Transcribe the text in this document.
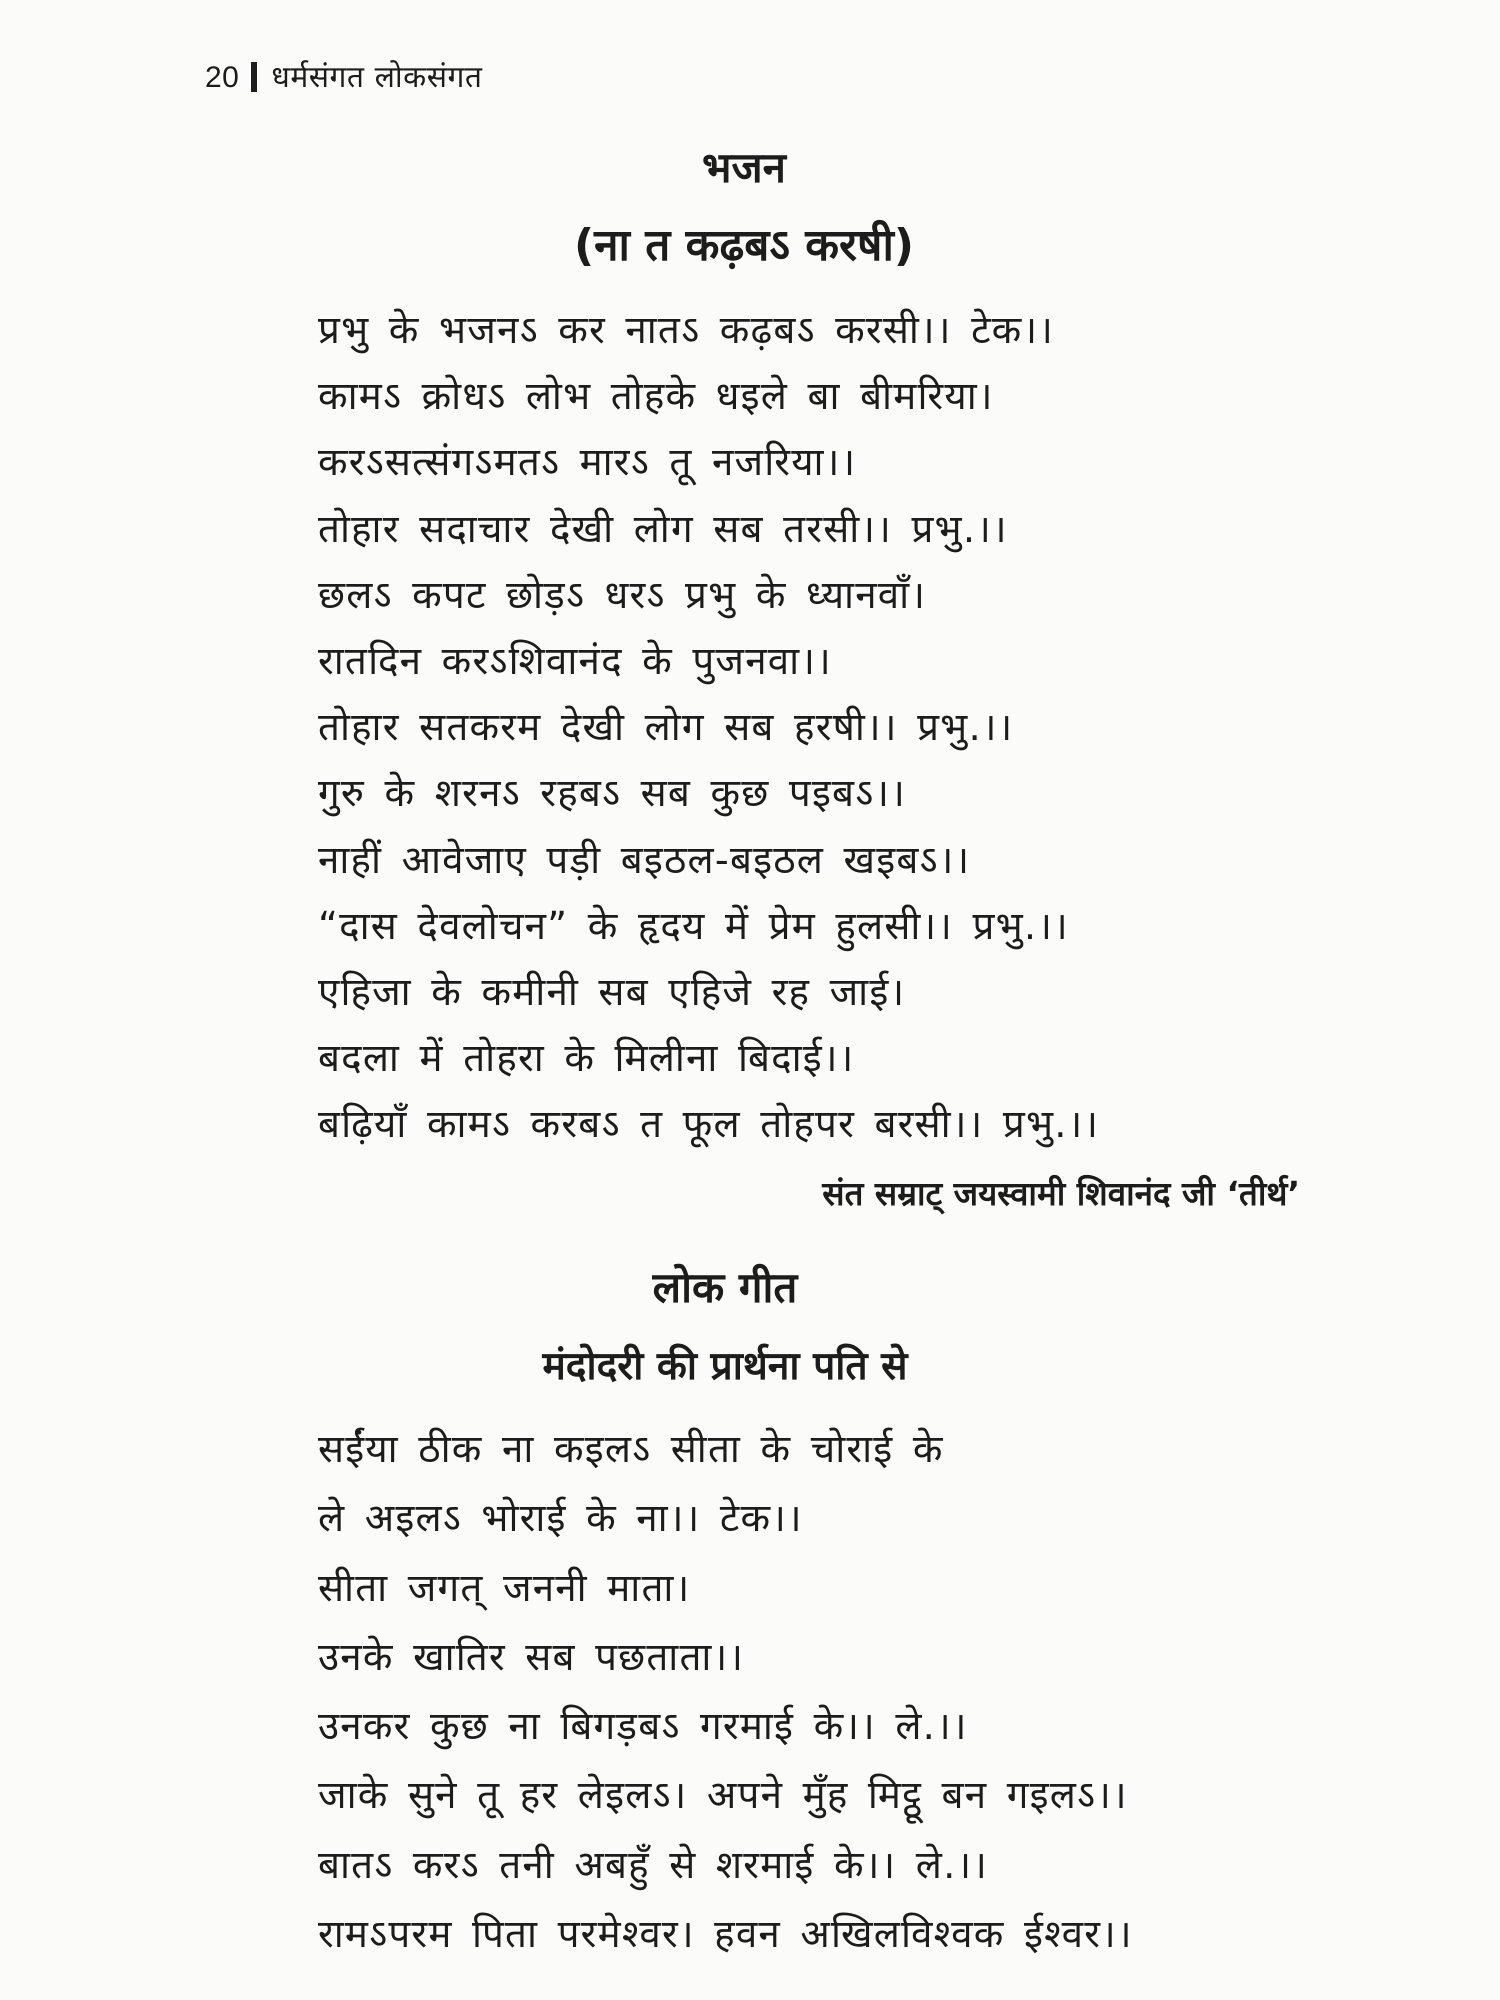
20 धर्मसंगत लोकसंगत
भजन
(ना त कढ़बऽ करषी)
प्रभु के भजनऽ कर नातऽ कढ़बऽ करसी।। टेक।।
कामऽ क्रोधऽ लोभ तोहके धइले बा बीमरिया।
करऽसत्संगऽमतऽ मारऽ तू नजरिया।।
तोहार सदाचार देखी लोग सब तरसी।। प्रभु.।।
छलऽ कपट छोड़ऽ धरऽ प्रभु के ध्यानवाँ।
रातदिन करऽशिवानंद के पुजनवा।।
तोहार सतकरम देखी लोग सब हरषी।। प्रभु.।।
गुरु के शरनऽ रहबऽ सब कुछ पइबऽ।।
नाहीं आवेजाए पड़ी बइठल-बइठल खइबऽ।।
“दास देवलोचन” के हृदय में प्रेम हुलसी।। प्रभु.।।
एहिजा के कमीनी सब एहिजे रह जाई।
बदला में तोहरा के मिलीना बिदाई।।
बढ़ियाँ कामऽ करबऽ त फूल तोहपर बरसी।। प्रभु.।।
संत सम्राट् जयस्वामी शिवानंद जी ‘तीर्थ’
लोक गीत
मंदोदरी की प्रार्थना पति से
सईंया ठीक ना कइलऽ सीता के चोराई के
ले अइलऽ भोराई के ना।। टेक।।
सीता जगत् जननी माता।
उनके खातिर सब पछताता।।
उनकर कुछ ना बिगड़बऽ गरमाई के।। ले.।।
जाके सुने तू हर लेइलऽ। अपने मुँह मिट्ठू बन गइलऽ।।
बातऽ करऽ तनी अबहुँ से शरमाई के।। ले.।।
रामऽपरम पिता परमेश्वर। हवन अखिलविश्वक ईश्वर।।
